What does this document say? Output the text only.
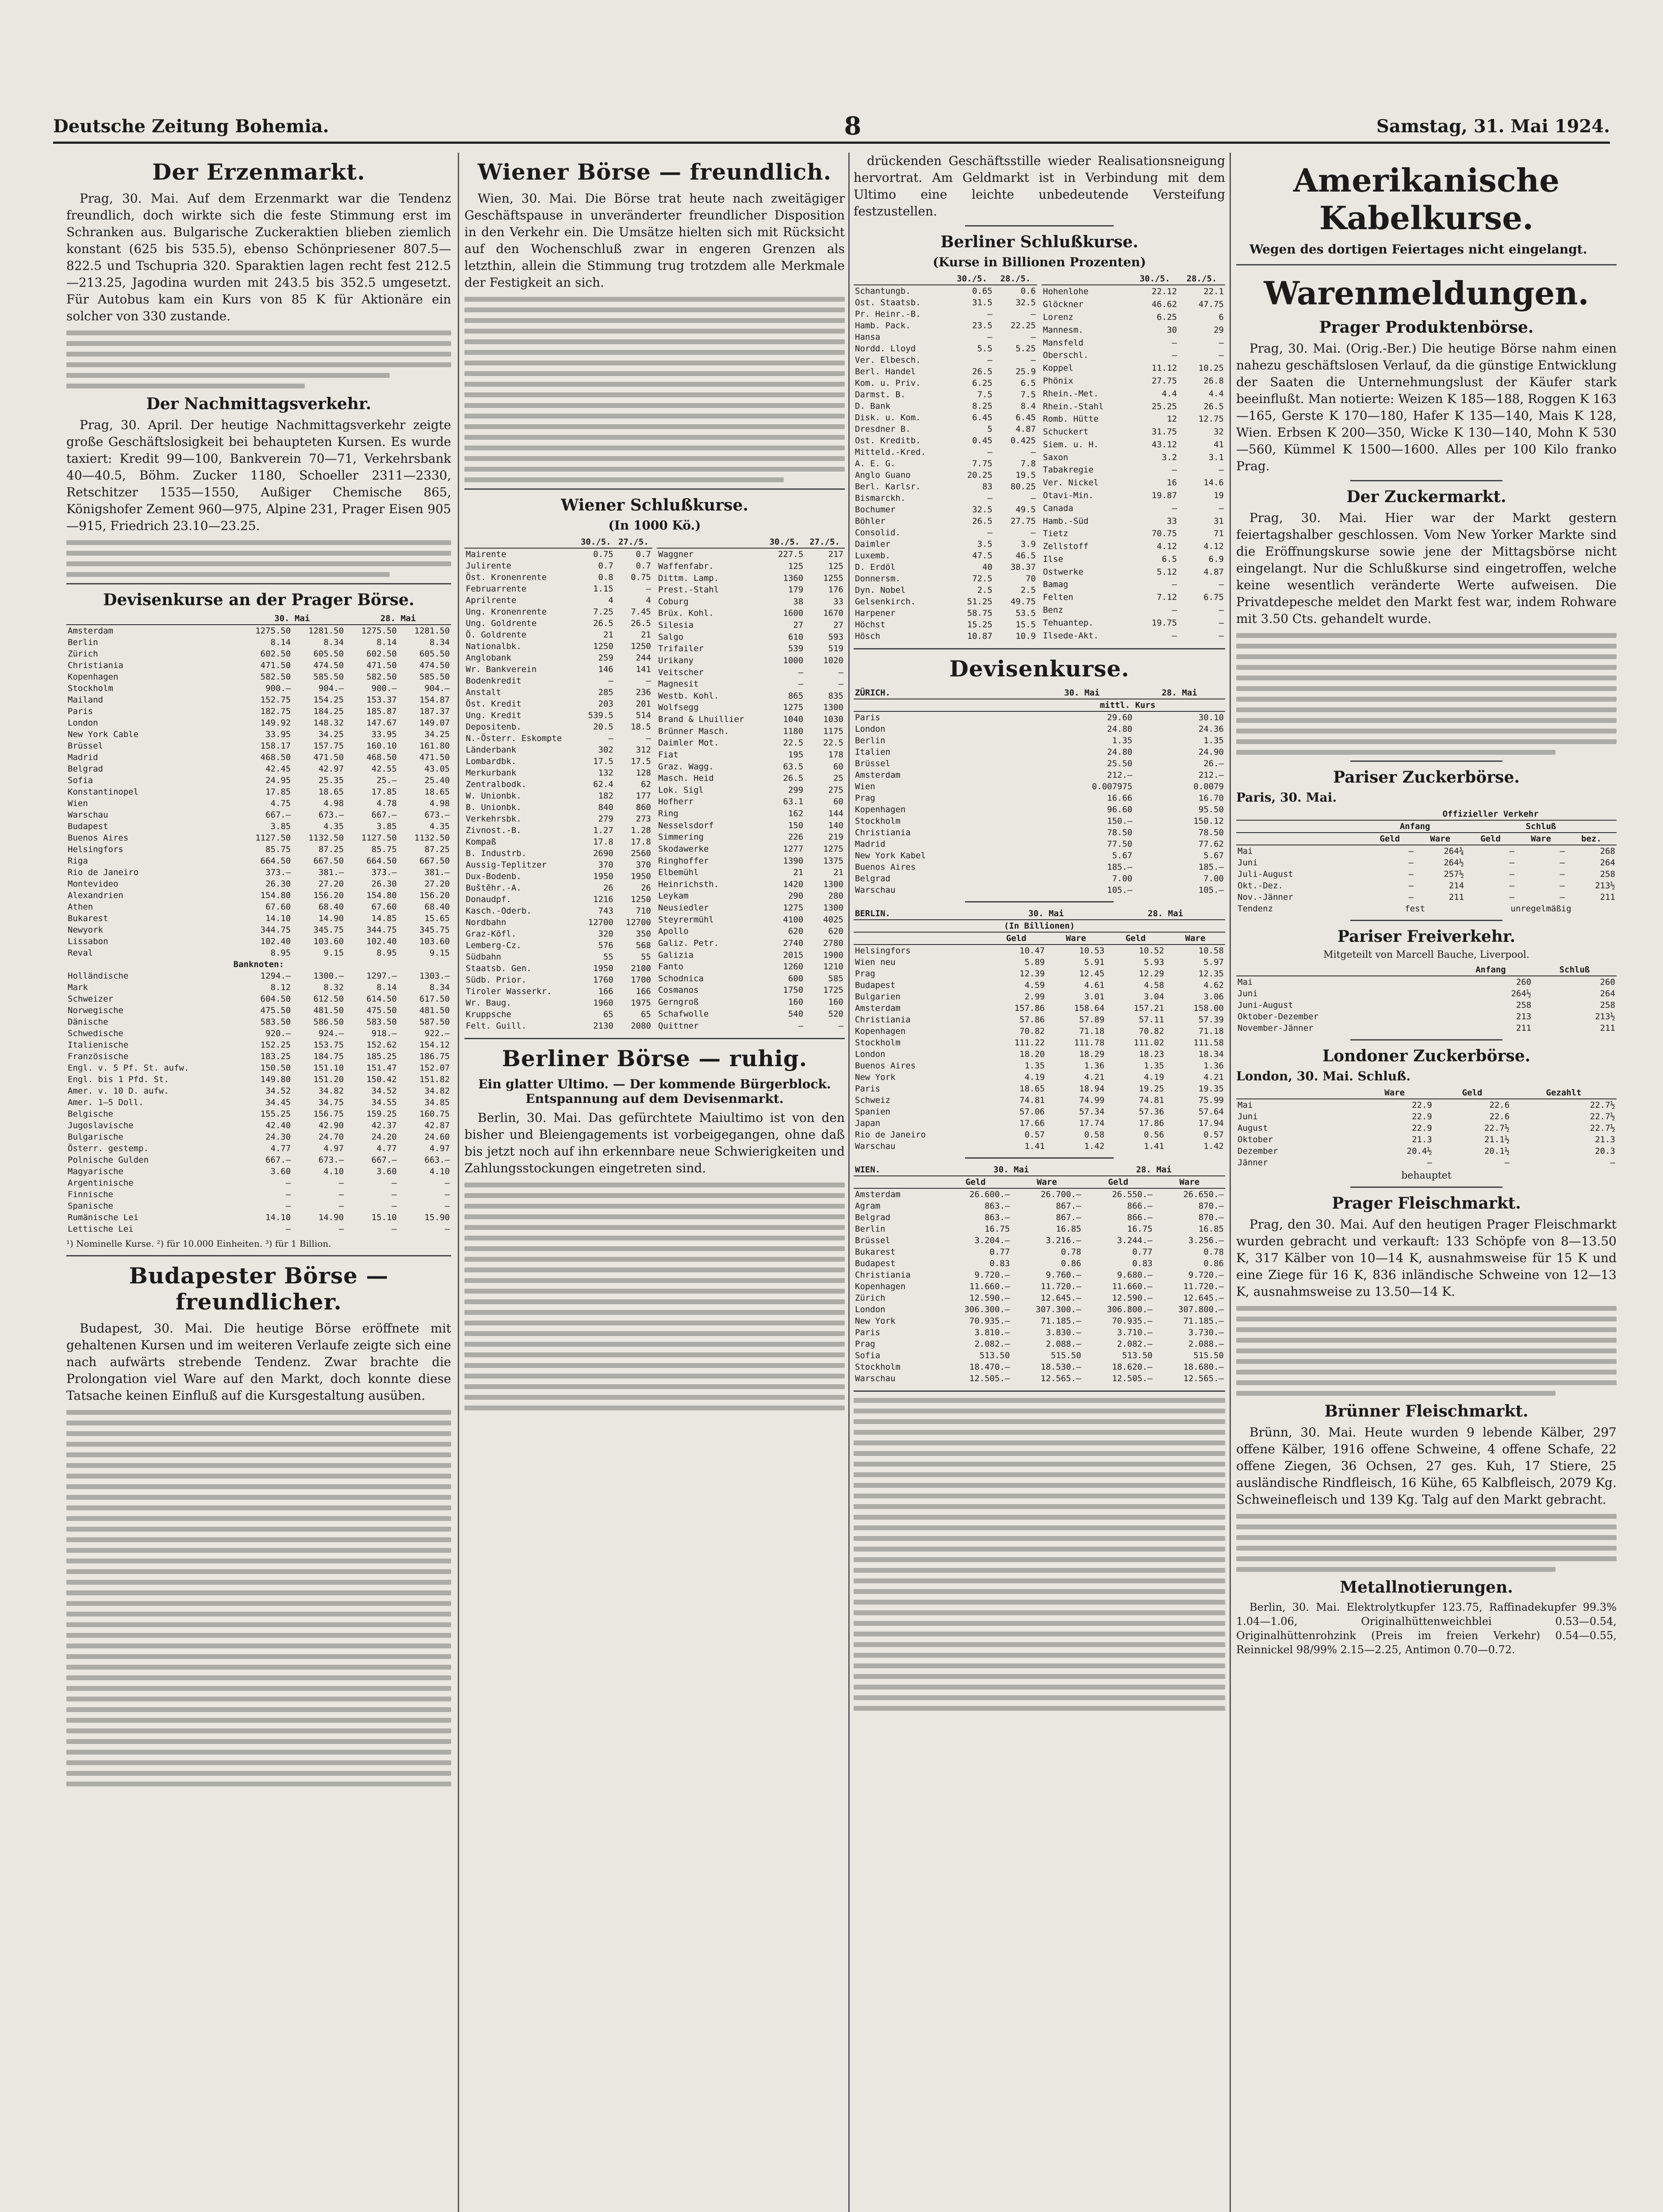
Deutsche Zeitung Bohemia.	8	Samstag, 31. Mai 1924.
Der Erzenmarkt.

Prag, 30. Mai. Auf dem Erzenmarkt war die Tendenz freundlich, doch wirkte sich die feste Stimmung erst im Schranken aus. Bulgarische Zuckeraktien blieben ziemlich konstant (625 bis 535.5), ebenso Schönpriesener 807.5—822.5 und Tschupria 320. Sparaktien lagen recht fest 212.5—213.25, Jagodina wurden mit 243.5 bis 352.5 umgesetzt. Für Autobus kam ein Kurs von 85 K für Aktionäre ein solcher von 330 zustande.

Der Nachmittagsverkehr.

Prag, 30. April. Der heutige Nachmittagsverkehr zeigte große Geschäftslosigkeit bei behaupteten Kursen. Es wurde taxiert: Kredit 99—100, Bankverein 70—71, Verkehrsbank 40—40.5, Böhm. Zucker 1180, Schoeller 2311—2330, Retschitzer 1535—1550, Außiger Chemische 865, Königshofer Zement 960—975, Alpine 231, Prager Eisen 905—915, Friedrich 23.10—23.25.

Devisenkurse an der Prager Börse.
	30. Mai		28. Mai	
Amsterdam	1275.50	1281.50	1275.50	1281.50
Berlin	8.14	8.34	8.14	8.34
Zürich	602.50	605.50	602.50	605.50
Christiania	471.50	474.50	471.50	474.50
Kopenhagen	582.50	585.50	582.50	585.50
Stockholm	900.—	904.—	900.—	904.—
Mailand	152.75	154.25	153.37	154.87
Paris	182.75	184.25	185.87	187.37
London	149.92	148.32	147.67	149.07
New York Cable	33.95	34.25	33.95	34.25
Brüssel	158.17	157.75	160.10	161.80
Madrid	468.50	471.50	468.50	471.50
Belgrad	42.45	42.97	42.55	43.05
Sofia	24.95	25.35	25.—	25.40
Konstantinopel	17.85	18.65	17.85	18.65
Wien	4.75	4.98	4.78	4.98
Warschau	667.—	673.—	667.—	673.—
Budapest	3.85	4.35	3.85	4.35
Buenos Aires	1127.50	1132.50	1127.50	1132.50
Helsingfors	85.75	87.25	85.75	87.25
Riga	664.50	667.50	664.50	667.50
Rio de Janeiro	373.—	381.—	373.—	381.—
Montevideo	26.30	27.20	26.30	27.20
Alexandrien	154.80	156.20	154.80	156.20
Athen	67.60	68.40	67.60	68.40
Bukarest	14.10	14.90	14.85	15.65
Newyork	344.75	345.75	344.75	345.75
Lissabon	102.40	103.60	102.40	103.60
Reval	8.95	9.15	8.95	9.15
Banknoten:				
Holländische	1294.—	1300.—	1297.—	1303.—
Mark	8.12	8.32	8.14	8.34
Schweizer	604.50	612.50	614.50	617.50
Norwegische	475.50	481.50	475.50	481.50
Dänische	583.50	586.50	583.50	587.50
Schwedische	920.—	924.—	918.—	922.—
Italienische	152.25	153.75	152.62	154.12
Französische	183.25	184.75	185.25	186.75
Engl. v. 5 Pf. St. aufw.	150.50	151.10	151.47	152.07
Engl. bis 1 Pfd. St.	149.80	151.20	150.42	151.82
Amer. v. 10 D. aufw.	34.52	34.82	34.52	34.82
Amer. 1—5 Doll.	34.45	34.75	34.55	34.85
Belgische	155.25	156.75	159.25	160.75
Jugoslavische	42.40	42.90	42.37	42.87
Bulgarische	24.30	24.70	24.20	24.60
Österr. gestemp.	4.77	4.97	4.77	4.97
Polnische Gulden	667.—	673.—	667.—	663.—
Magyarische	3.60	4.10	3.60	4.10
Argentinische	—	—	—	—
Finnische	—	—	—	—
Spanische	—	—	—	—
Rumänische Lei	14.10	14.90	15.10	15.90
Lettische Lei	—	—	—	—
¹) Nominelle Kurse. ²) für 10.000 Einheiten. ³) für 1 Billion.
Budapester Börse — freundlicher.

Budapest, 30. Mai. Die heutige Börse eröffnete mit gehaltenen Kursen und im weiteren Verlaufe zeigte sich eine nach aufwärts strebende Tendenz. Zwar brachte die Prolongation viel Ware auf den Markt, doch konnte diese Tatsache keinen Einfluß auf die Kursgestaltung ausüben.

Wiener Börse — freundlich.

Wien, 30. Mai. Die Börse trat heute nach zweitägiger Geschäftspause in unveränderter freundlicher Disposition in den Verkehr ein. Die Umsätze hielten sich mit Rücksicht auf den Wochenschluß zwar in engeren Grenzen als letzthin, allein die Stimmung trug trotzdem alle Merkmale der Festigkeit an sich.

Wiener Schlußkurse.
(In 1000 Kö.)
	30./5.	27./5.
Mairente	0.75	0.7
Julirente	0.7	0.7
Öst. Kronenrente	0.8	0.75
Februarrente	1.15	—
Aprilrente	4	4
Ung. Kronenrente	7.25	7.45
Ung. Goldrente	26.5	26.5
Ö. Goldrente	21	21
Nationalbk.	1250	1250
Anglobank	259	244
Wr. Bankverein	146	141
Bodenkredit	—	—
Anstalt	285	236
Öst. Kredit	203	201
Ung. Kredit	539.5	514
Depositenb.	20.5	18.5
N.-Österr. Eskompte	—	—
Länderbank	302	312
Lombardbk.	17.5	17.5
Merkurbank	132	128
Zentralbodk.	62.4	62
W. Unionbk.	182	177
B. Unionbk.	840	860
Verkehrsbk.	279	273
Zivnost.-B.	1.27	1.28
Kompaß	17.8	17.8
B. Industrb.	2690	2560
Aussig-Teplitzer	370	370
Dux-Bodenb.	1950	1950
Buštěhr.-A.	26	26
Donaudpf.	1216	1250
Kasch.-Oderb.	743	710
Nordbahn	12700	12700
Graz-Köfl.	320	350
Lemberg-Cz.	576	568
Südbahn	55	55
Staatsb. Gen.	1950	2100
Südb. Prior.	1760	1700
Tiroler Wasserkr.	166	166
Wr. Baug.	1960	1975
Kruppsche	65	65
Felt. Guill.	2130	2080
	30./5.	27./5.
Waggner	227.5	217
Waffenfabr.	125	125
Dittm. Lamp.	1360	1255
Prest.-Stahl	179	176
Coburg	38	33
Brüx. Kohl.	1600	1670
Silesia	27	27
Salgo	610	593
Trifailer	539	519
Urikany	1000	1020
Veitscher	—	—
Magnesit	—	—
Westb. Kohl.	865	835
Wolfsegg	1275	1300
Brand & Lhuillier	1040	1030
Brünner Masch.	1180	1175
Daimler Mot.	22.5	22.5
Fiat	195	178
Graz. Wagg.	63.5	60
Masch. Heid	26.5	25
Lok. Sigl	299	275
Hofherr	63.1	60
Ring	162	144
Nesselsdorf	150	140
Simmering	226	219
Skodawerke	1277	1275
Ringhoffer	1390	1375
Elbemühl	21	21
Heinrichsth.	1420	1300
Leykam	290	280
Neusiedler	1275	1300
Steyrermühl	4100	4025
Apollo	620	620
Galiz. Petr.	2740	2780
Galizia	2015	1900
Fanto	1260	1210
Schodnica	600	585
Cosmanos	1750	1725
Gerngroß	160	160
Schafwolle	540	520
Quittner	—	—
Berliner Börse — ruhig.
Ein glatter Ultimo. — Der kommende Bürgerblock. Entspannung auf dem Devisenmarkt.

Berlin, 30. Mai. Das gefürchtete Maiultimo ist von den bisher und Bleiengagements ist vorbeigegangen, ohne daß bis jetzt noch auf ihn erkennbare neue Schwierigkeiten und Zahlungsstockungen eingetreten sind.

drückenden Geschäftsstille wieder Realisationsneigung hervortrat. Am Geldmarkt ist in Verbindung mit dem Ultimo eine leichte unbedeutende Versteifung festzustellen.

Berliner Schlußkurse.
(Kurse in Billionen Prozenten)
	30./5.	28./5.
Schantungb.	0.65	0.6
Ost. Staatsb.	31.5	32.5
Pr. Heinr.-B.	—	—
Hamb. Pack.	23.5	22.25
Hansa	—	—
Nordd. Lloyd	5.5	5.25
Ver. Elbesch.	—	—
Berl. Handel	26.5	25.9
Kom. u. Priv.	6.25	6.5
Darmst. B.	7.5	7.5
D. Bank	8.25	8.4
Disk. u. Kom.	6.45	6.45
Dresdner B.	5	4.87
Ost. Kreditb.	0.45	0.425
Mitteld.-Kred.	—	—
A. E. G.	7.75	7.8
Anglo Guano	20.25	19.5
Berl. Karlsr.	83	80.25
Bismarckh.	—	—
Bochumer	32.5	49.5
Böhler	26.5	27.75
Consolid.	—	—
Daimler	3.5	3.9
Luxemb.	47.5	46.5
D. Erdöl	40	38.37
Donnersm.	72.5	70
Dyn. Nobel	2.5	2.5
Gelsenkirch.	51.25	49.75
Harpener	58.75	53.5
Höchst	15.25	15.5
Hösch	10.87	10.9
	30./5.	28./5.
Hohenlohe	22.12	22.1
Glöckner	46.62	47.75
Lorenz	6.25	6
Mannesm.	30	29
Mansfeld	—	—
Oberschl.	—	—
Koppel	11.12	10.25
Phönix	27.75	26.8
Rhein.-Met.	4.4	4.4
Rhein.-Stahl	25.25	26.5
Romb. Hütte	12	12.75
Schuckert	31.75	32
Siem. u. H.	43.12	41
Saxon	3.2	3.1
Tabakregie	—	—
Ver. Nickel	16	14.6
Otavi-Min.	19.87	19
Canada	—	—
Hamb.-Süd	33	31
Tietz	70.75	71
Zellstoff	4.12	4.12
Ilse	6.5	6.9
Ostwerke	5.12	4.87
Bamag	—	—
Felten	7.12	6.75
Benz	—	—
Tehuantep.	19.75	—
Ilsede-Akt.	—	—
Devisenkurse.
ZÜRICH.	30. Mai	28. Mai
	mittl. Kurs	
Paris	29.60	30.10
London	24.80	24.36
Berlin	1.35	1.35
Italien	24.80	24.90
Brüssel	25.50	26.—
Amsterdam	212.—	212.—
Wien	0.007975	0.0079
Prag	16.66	16.70
Kopenhagen	96.60	95.50
Stockholm	150.—	150.12
Christiania	78.50	78.50
Madrid	77.50	77.62
New York Kabel	5.67	5.67
Buenos Aires	185.—	185.—
Belgrad	7.00	7.00
Warschau	105.—	105.—
BERLIN.	30. Mai		28. Mai	
(In Billionen)				
	Geld	Ware	Geld	Ware
Helsingfors	10.47	10.53	10.52	10.58
Wien neu	5.89	5.91	5.93	5.97
Prag	12.39	12.45	12.29	12.35
Budapest	4.59	4.61	4.58	4.62
Bulgarien	2.99	3.01	3.04	3.06
Amsterdam	157.86	158.64	157.21	158.00
Christiania	57.86	57.89	57.11	57.39
Kopenhagen	70.82	71.18	70.82	71.18
Stockholm	111.22	111.78	111.02	111.58
London	18.20	18.29	18.23	18.34
Buenos Aires	1.35	1.36	1.35	1.36
New York	4.19	4.21	4.19	4.21
Paris	18.65	18.94	19.25	19.35
Schweiz	74.81	74.99	74.81	75.99
Spanien	57.06	57.34	57.36	57.64
Japan	17.66	17.74	17.86	17.94
Rio de Janeiro	0.57	0.58	0.56	0.57
Warschau	1.41	1.42	1.41	1.42
WIEN.	30. Mai		28. Mai	
	Geld	Ware	Geld	Ware
Amsterdam	26.600.—	26.700.—	26.550.—	26.650.—
Agram	863.—	867.—	866.—	870.—
Belgrad	863.—	867.—	866.—	870.—
Berlin	16.75	16.85	16.75	16.85
Brüssel	3.204.—	3.216.—	3.244.—	3.256.—
Bukarest	0.77	0.78	0.77	0.78
Budapest	0.83	0.86	0.83	0.86
Christiania	9.720.—	9.760.—	9.680.—	9.720.—
Kopenhagen	11.660.—	11.720.—	11.660.—	11.720.—
Zürich	12.590.—	12.645.—	12.590.—	12.645.—
London	306.300.—	307.300.—	306.800.—	307.800.—
New York	70.935.—	71.185.—	70.935.—	71.185.—
Paris	3.810.—	3.830.—	3.710.—	3.730.—
Prag	2.082.—	2.088.—	2.082.—	2.088.—
Sofia	513.50	515.50	513.50	515.50
Stockholm	18.470.—	18.530.—	18.620.—	18.680.—
Warschau	12.505.—	12.565.—	12.505.—	12.565.—
Amerikanische Kabelkurse.

Wegen des dortigen Feiertages nicht eingelangt.

Warenmeldungen.
Prager Produktenbörse.

Prag, 30. Mai. (Orig.-Ber.) Die heutige Börse nahm einen nahezu geschäftslosen Verlauf, da die günstige Entwicklung der Saaten die Unternehmungslust der Käufer stark beeinflußt. Man notierte: Weizen K 185—188, Roggen K 163—165, Gerste K 170—180, Hafer K 135—140, Mais K 128, Wien. Erbsen K 200—350, Wicke K 130—140, Mohn K 530—560, Kümmel K 1500—1600. Alles per 100 Kilo franko Prag.

Der Zuckermarkt.

Prag, 30. Mai. Hier war der Markt gestern feiertagshalber geschlossen. Vom New Yorker Markte sind die Eröffnungskurse sowie jene der Mittagsbörse nicht eingelangt. Nur die Schlußkurse sind eingetroffen, welche keine wesentlich veränderte Werte aufweisen. Die Privatdepesche meldet den Markt fest war, indem Rohware mit 3.50 Cts. gehandelt wurde.

Pariser Zuckerbörse.
Paris, 30. Mai.
	Offizieller Verkehr				
	Anfang		Schluß		
	Geld	Ware	Geld	Ware	bez.
Mai	—	264¾	—	—	268
Juni	—	264½	—	—	264
Juli-August	—	257½	—	—	258
Okt.-Dez.	—	214	—	—	213½
Nov.-Jänner	—	211	—	—	211
Tendenz	fest		unregelmäßig		
Pariser Freiverkehr.
Mitgeteilt von Marcell Bauche, Liverpool.
	Anfang	Schluß
Mai	260	260
Juni	264½	264
Juni-August	258	258
Oktober-Dezember	213	213½
November-Jänner	211	211
Londoner Zuckerbörse.
London, 30. Mai. Schluß.
	Ware	Geld	Gezahlt
Mai	22.9	22.6	22.7½
Juni	22.9	22.6	22.7½
August	22.9	22.7½	22.7½
Oktober	21.3	21.1½	21.3
Dezember	20.4½	20.1½	20.3
Jänner	—	—	—
behauptet
Prager Fleischmarkt.

Prag, den 30. Mai. Auf den heutigen Prager Fleischmarkt wurden gebracht und verkauft: 133 Schöpfe von 8—13.50 K, 317 Kälber von 10—14 K, ausnahmsweise für 15 K und eine Ziege für 16 K, 836 inländische Schweine von 12—13 K, ausnahmsweise zu 13.50—14 K.

Brünner Fleischmarkt.

Brünn, 30. Mai. Heute wurden 9 lebende Kälber, 297 offene Kälber, 1916 offene Schweine, 4 offene Schafe, 22 offene Ziegen, 36 Ochsen, 27 ges. Kuh, 17 Stiere, 25 ausländische Rindfleisch, 16 Kühe, 65 Kalbfleisch, 2079 Kg. Schweinefleisch und 139 Kg. Talg auf den Markt gebracht.

Metallnotierungen.

Berlin, 30. Mai. Elektrolytkupfer 123.75, Raffinadekupfer 99.3% 1.04—1.06, Originalhüttenweichblei 0.53—0.54, Originalhüttenrohzink (Preis im freien Verkehr) 0.54—0.55, Reinnickel 98/99% 2.15—2.25, Antimon 0.70—0.72.
